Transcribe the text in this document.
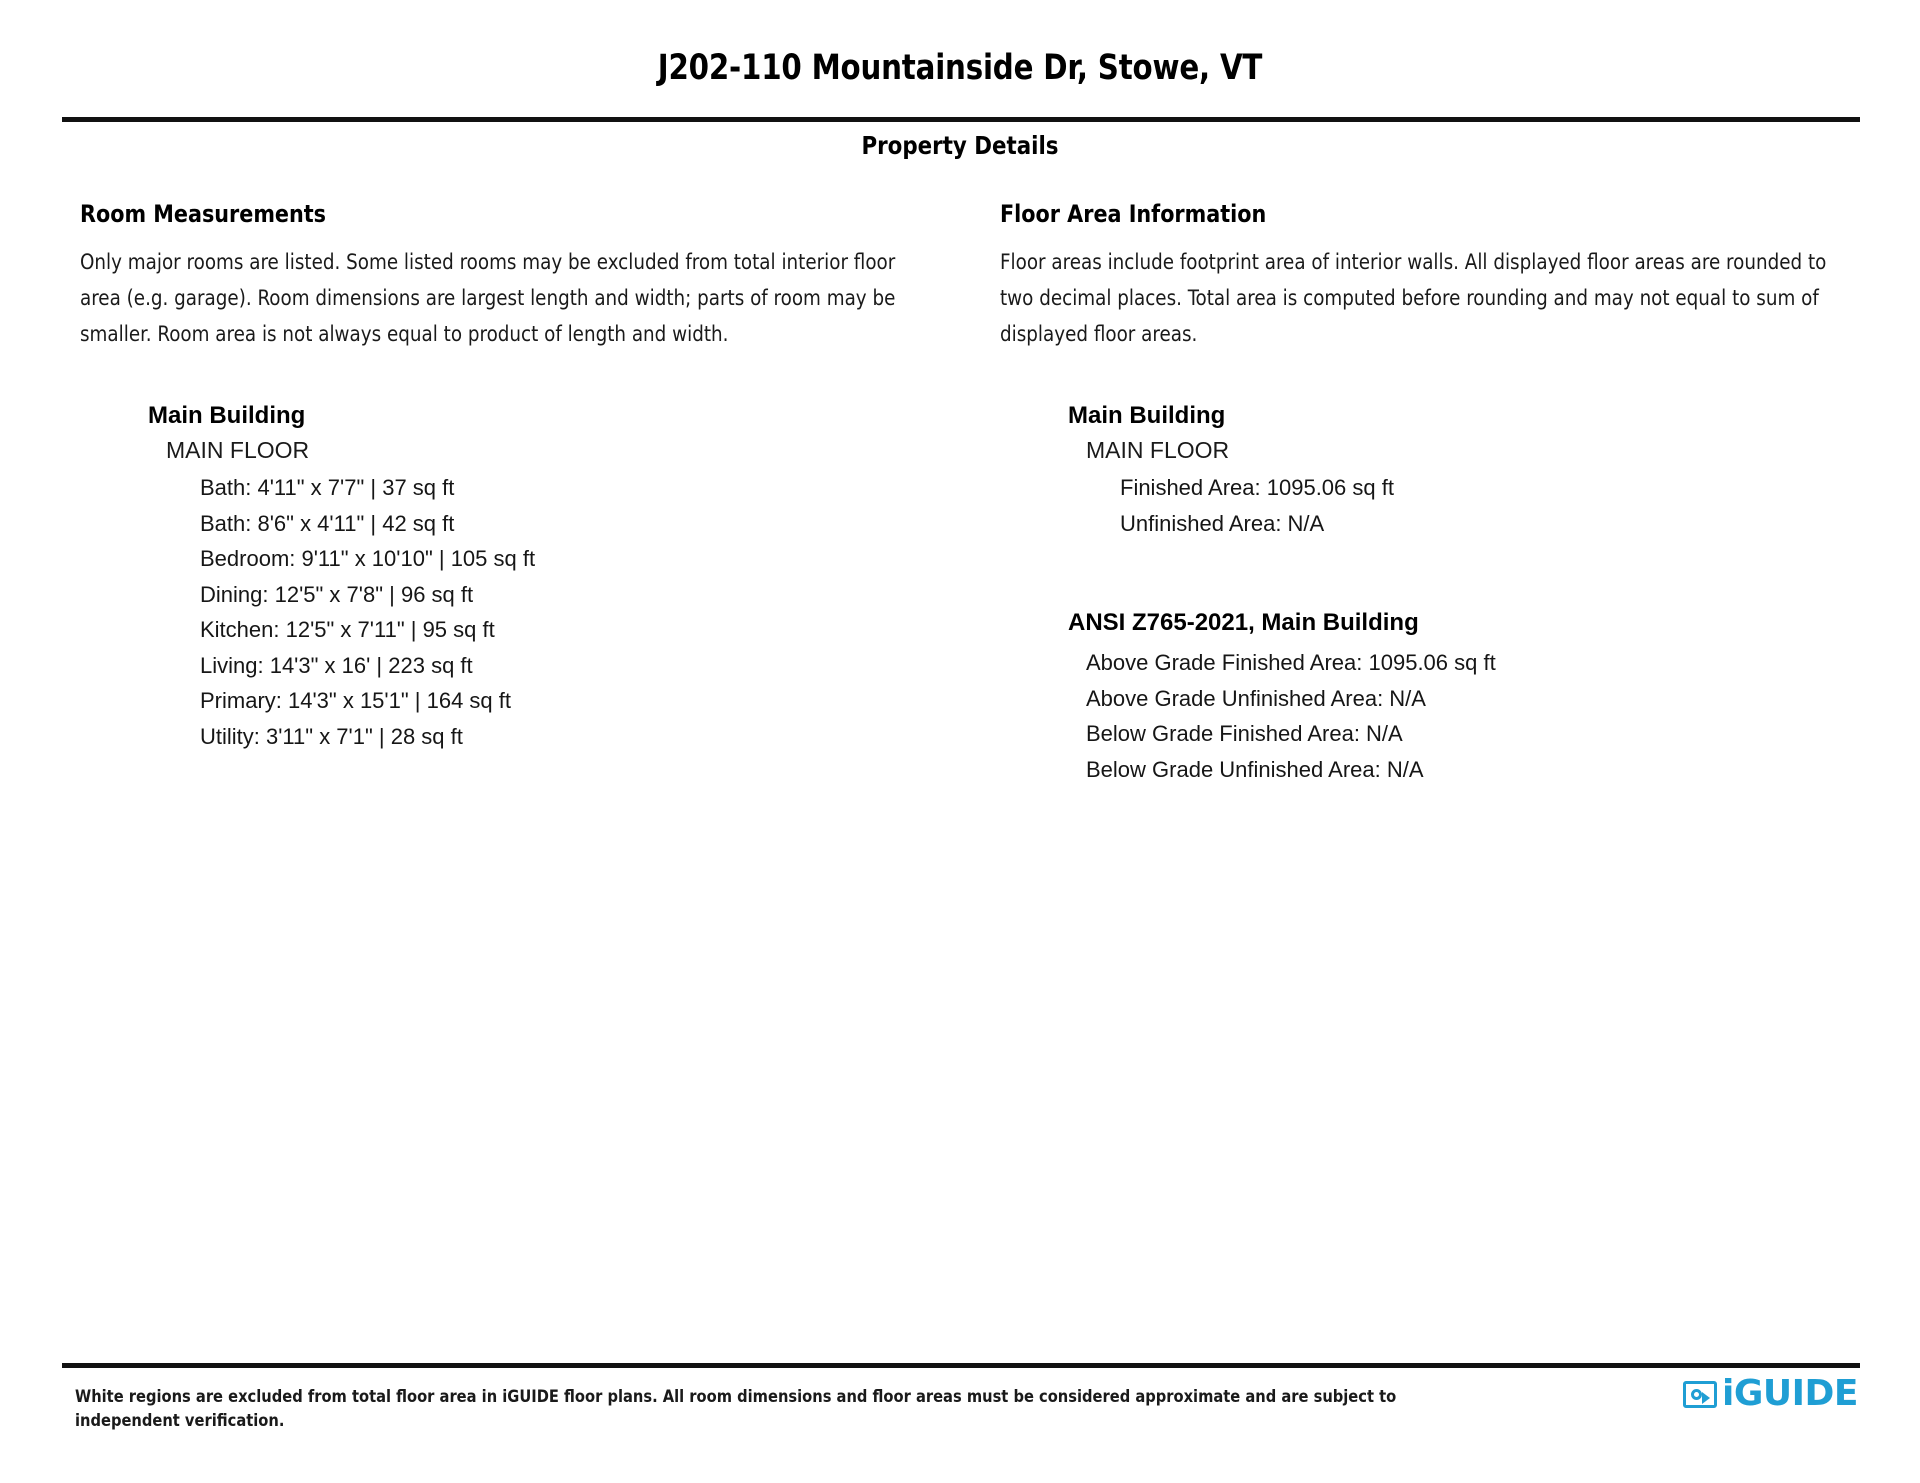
J202-110 Mountainside Dr, Stowe, VT
Property Details
Room Measurements

Only major rooms are listed. Some listed rooms may be excluded from total interior floor area (e.g. garage). Room dimensions are largest length and width; parts of room may be smaller. Room area is not always equal to product of length and width.

Main Building
MAIN FLOOR
Bath: 4'11" x 7'7" | 37 sq ft
Bath: 8'6" x 4'11" | 42 sq ft
Bedroom: 9'11" x 10'10" | 105 sq ft
Dining: 12'5" x 7'8" | 96 sq ft
Kitchen: 12'5" x 7'11" | 95 sq ft
Living: 14'3" x 16' | 223 sq ft
Primary: 14'3" x 15'1" | 164 sq ft
Utility: 3'11" x 7'1" | 28 sq ft
Floor Area Information

Floor areas include footprint area of interior walls. All displayed floor areas are rounded to two decimal places. Total area is computed before rounding and may not equal to sum of displayed floor areas.

Main Building
MAIN FLOOR
Finished Area: 1095.06 sq ft
Unfinished Area: N/A
ANSI Z765-2021, Main Building
Above Grade Finished Area: 1095.06 sq ft
Above Grade Unfinished Area: N/A
Below Grade Finished Area: N/A
Below Grade Unfinished Area: N/A
White regions are excluded from total floor area in iGUIDE floor plans. All room dimensions and floor areas must be considered approximate and are subject to independent verification.
iGUIDE
